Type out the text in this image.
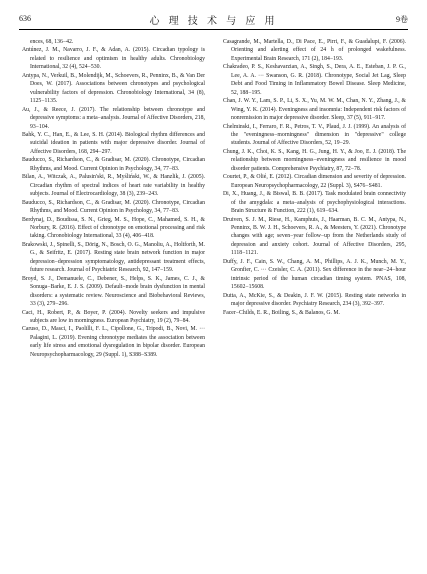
636	心 理 技 术 与 应 用	9卷

ences, 68, 136−42.

Antúnez, J. M., Navarro, J. F., & Adan, A. (2015). Circadian typology is related to resilience and optimism in healthy adults. Chronobiology International, 32 (4), 524−530.

Antypa, N., Verkuil, B., Molendijk, M., Schoevers, R., Penninx, B., & Van Der Does, W. (2017). Associations between chronotypes and psychological vulnerability factors of depression. Chronobiology International, 34 (8), 1125−1135.

Au, J., & Reece, J. (2017). The relationship between chronotype and depressive symptoms: a meta−analysis. Journal of Affective Disorders, 218, 93−104.

Bahk, Y. C., Han, E., & Lee, S. H. (2014). Biological rhythm differences and suicidal ideation in patients with major depressive disorder. Journal of Affective Disorders, 168, 294−297.

Bauducco, S., Richardson, C., & Gradisar, M. (2020). Chronotype, Circadian Rhythms, and Mood. Current Opinion in Psychology, 34, 77−83.

Bilan, A., Witczak, A., Palusin'ski, R., Myśliński, W., & Hanzlik, J. (2005). Circadian rhythm of spectral indices of heart rate variability in healthy subjects. Journal of Electrocardiology, 38 (3), 239−243.

Bauducco, S., Richardson, C., & Gradisar, M. (2020). Chronotype, Circadian Rhythms, and Mood. Current Opinion in Psychology, 34, 77−83.

Berdynaj, D., Boudissa, S. N., Grieg, M. S., Hope, C., Mahamed, S. H., & Norbury, R. (2016). Effect of chronotype on emotional processing and risk taking. Chronobiology International, 33 (4), 406−418.

Brakowski, J., Spinelli, S., Dörig, N., Bosch, O. G., Manoliu, A., Holtforth, M. G., & Seifritz, E. (2017). Resting state brain network function in major depression−depression symptomatology, antidepressant treatment effects, future research. Journal of Psychiatric Research, 92, 147−159.

Broyd, S. J., Demanuele, C., Debener, S., Helps, S. K., James, C. J., & Sonuga−Barke, E. J. S. (2009). Default−mode brain dysfunction in mental disorders: a systematic review. Neuroscience and Biobehavioral Reviews, 33 (3), 279−296.

Caci, H., Robert, P., & Boyer, P. (2004). Novelty seekers and impulsive subjects are low in morningness. European Psychiatry, 19 (2), 79−84.

Caruso, D., Masci, I., Paolilli, F. L., Cipollone, G., Tripodi, B., Novi, M. ··· Palagini, L. (2019). Evening chronotype mediates the association between early life stress and emotional dysregulation in bipolar disorder. European Neuropsychopharmacology, 29 (Suppl. 1), S388−S389.

Casagrande, M., Martella, D., Di Pace, E., Pirri, F., & Guadalupi, F. (2006). Orienting and alerting effect of 24 h of prolonged wakefulness. Experimental Brain Research, 171 (2), 184−193.

Chakradeo, P. S., Keshavarzian, A., Singh, S., Dera, A. E., Esteban, J. P. G., Lee, A. A. ··· Swanson, G. R. (2018). Chronotype, Social Jet Lag, Sleep Debt and Food Timing in Inflammatory Bowel Disease. Sleep Medicine, 52, 188−195.

Chan, J. W. Y., Lam, S. P., Li, S. X., Yu, M. W. M., Chan, N. Y., Zhang, J., & Wing, Y. K. (2014). Eveningness and insomnia: Independent risk factors of nonremission in major depressive disorder. Sleep, 37 (5), 911−917.

Chelminski, I., Ferraro, F. R., Petros, T. V., Plaud, J. J. (1999). An analysis of the "eveningness−morningness" dimension in "depressive" college students. Journal of Affective Disorders, 52, 19−29.

Chung, J. K., Choi, K. S., Kang, H. G., Jung, H. Y., & Joo, E. J. (2018). The relationship between morningness−eveningness and resilience in mood disorder patients. Comprehensive Psychiatry, 87, 72−78.

Courtet, P., & Olié, E. (2012). Circadian dimension and severity of depression. European Neuropsychopharmacology, 22 (Suppl. 3), S476−S481.

Di, X., Huang, J., & Biswal, B. B. (2017). Task modulated brain connectivity of the amygdala: a meta−analysis of psychophysiological interactions. Brain Structure & Function, 222 (1), 619−634.

Druiven, S. J. M., Riese, H., Kamphuis, J., Haarman, B. C. M., Antypa, N., Penninx, B. W. J. H., Schoevers, R. A., & Meesters, Y. (2021). Chronotype changes with age; seven−year follow−up from the Netherlands study of depression and anxiety cohort. Journal of Affective Disorders, 295, 1118−1121.

Duffy, J. F., Cain, S. W., Chang, A. M., Phillips, A. J. K., Munch, M. Y., Gronfier, C. ··· Czeisler, C. A. (2011). Sex difference in the near−24−hour intrinsic period of the human circadian timing system. PNAS, 108, 15602−15608.

Dutta, A., McKie, S., & Deakin, J. F. W. (2015). Resting state networks in major depressive disorder. Psychiatry Research, 234 (3), 392−397.

Facer−Childs, E. R., Boiling, S., & Balanos, G. M.
